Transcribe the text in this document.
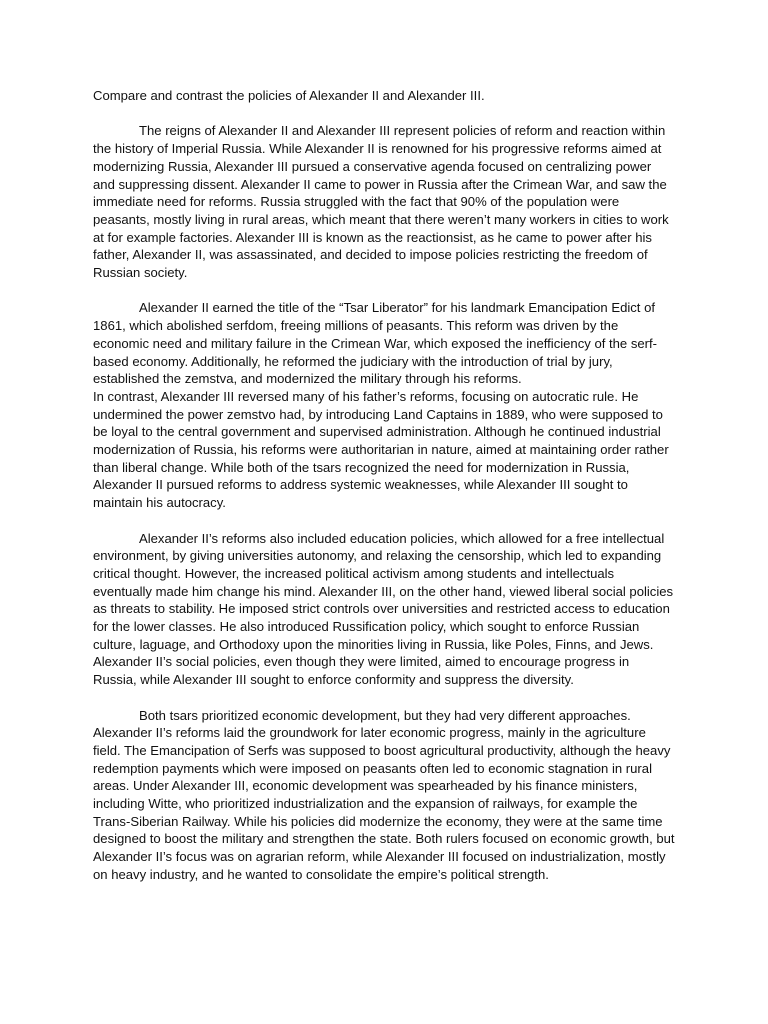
Compare and contrast the policies of Alexander II and Alexander III.

The reigns of Alexander II and Alexander III represent policies of reform and reaction within the history of Imperial Russia. While Alexander II is renowned for his progressive reforms aimed at modernizing Russia, Alexander III pursued a conservative agenda focused on centralizing power and suppressing dissent. Alexander II came to power in Russia after the Crimean War, and saw the immediate need for reforms. Russia struggled with the fact that 90% of the population were peasants, mostly living in rural areas, which meant that there weren’t many workers in cities to work at for example factories. Alexander III is known as the reactionsist, as he came to power after his father, Alexander II, was assassinated, and decided to impose policies restricting the freedom of Russian society.

Alexander II earned the title of the “Tsar Liberator” for his landmark Emancipation Edict of 1861, which abolished serfdom, freeing millions of peasants. This reform was driven by the economic need and military failure in the Crimean War, which exposed the inefficiency of the serf-based economy. Additionally, he reformed the judiciary with the introduction of trial by jury, established the zemstva, and modernized the military through his reforms.

In contrast, Alexander III reversed many of his father’s reforms, focusing on autocratic rule. He undermined the power zemstvo had, by introducing Land Captains in 1889, who were supposed to be loyal to the central government and supervised administration. Although he continued industrial modernization of Russia, his reforms were authoritarian in nature, aimed at maintaining order rather than liberal change. While both of the tsars recognized the need for modernization in Russia, Alexander II pursued reforms to address systemic weaknesses, while Alexander III sought to maintain his autocracy.

Alexander II’s reforms also included education policies, which allowed for a free intellectual environment, by giving universities autonomy, and relaxing the censorship, which led to expanding critical thought. However, the increased political activism among students and intellectuals eventually made him change his mind. Alexander III, on the other hand, viewed liberal social policies as threats to stability. He imposed strict controls over universities and restricted access to education for the lower classes. He also introduced Russification policy, which sought to enforce Russian culture, laguage, and Orthodoxy upon the minorities living in Russia, like Poles, Finns, and Jews. Alexander II’s social policies, even though they were limited, aimed to encourage progress in Russia, while Alexander III sought to enforce conformity and suppress the diversity.

Both tsars prioritized economic development, but they had very different approaches. Alexander II’s reforms laid the groundwork for later economic progress, mainly in the agriculture field. The Emancipation of Serfs was supposed to boost agricultural productivity, although the heavy redemption payments which were imposed on peasants often led to economic stagnation in rural areas. Under Alexander III, economic development was spearheaded by his finance ministers, including Witte, who prioritized industrialization and the expansion of railways, for example the Trans-Siberian Railway. While his policies did modernize the economy, they were at the same time designed to boost the military and strengthen the state. Both rulers focused on economic growth, but Alexander II’s focus was on agrarian reform, while Alexander III focused on industrialization, mostly on heavy industry, and he wanted to consolidate the empire’s political strength.
